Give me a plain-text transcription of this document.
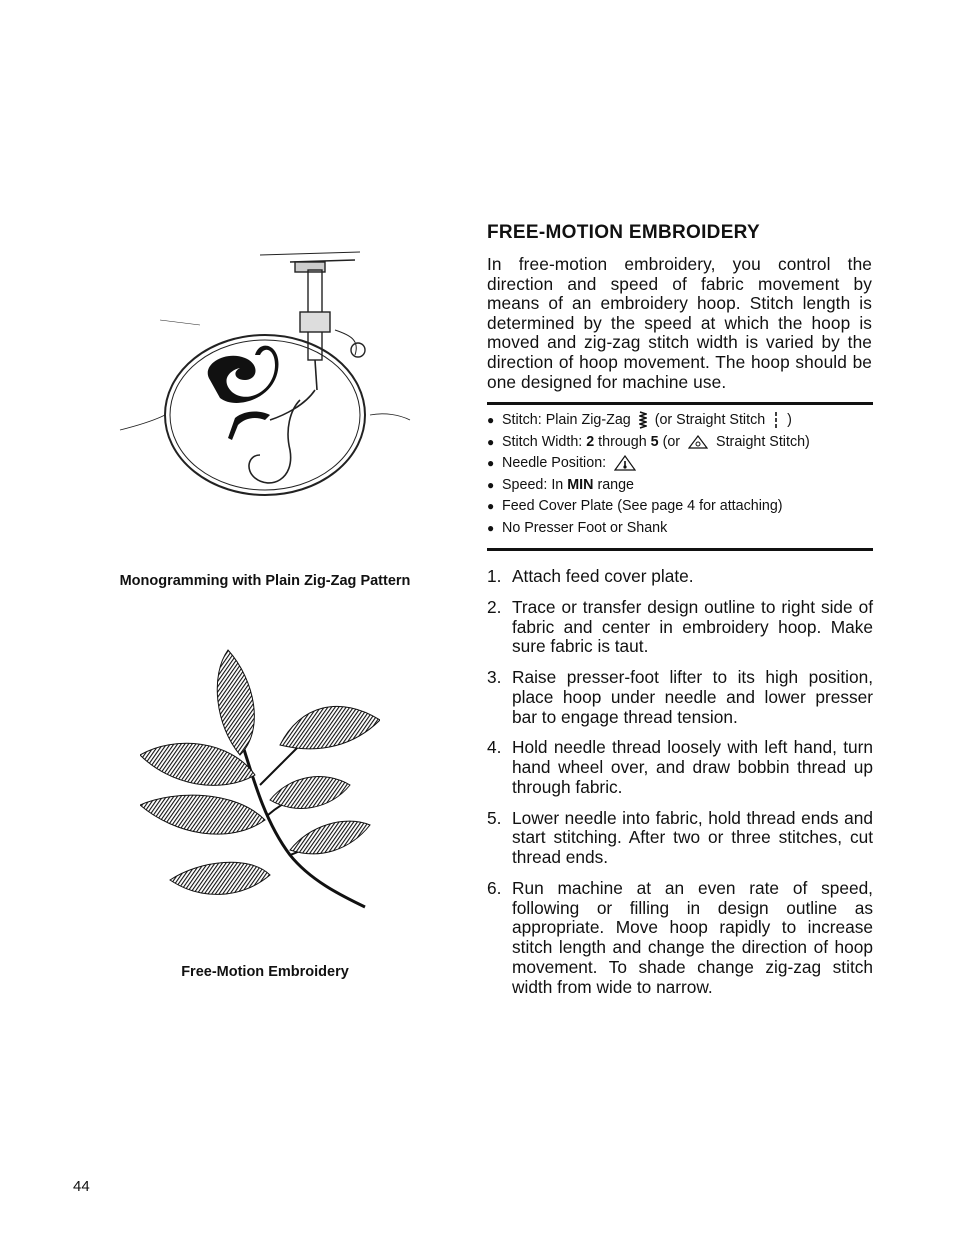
Monogramming with Plain Zig-Zag Pattern
Free-Motion Embroidery
FREE-MOTION EMBROIDERY

In free-motion embroidery, you control the direction and speed of fabric movement by means of an embroidery hoop. Stitch length is determined by the speed at which the hoop is moved and zig-zag stitch width is varied by the direction of hoop movement. The hoop should be one designed for machine use.

● Stitch: Plain Zig-Zag (or Straight Stitch )
● Stitch Width: 2 through 5 (or	Straight Stitch)
● Needle Position:
● Speed: In MIN range
● Feed Cover Plate (See page 4 for attaching)
● No Presser Foot or Shank
1. Attach feed cover plate.
2. Trace or transfer design outline to right side of fabric and center in embroidery hoop. Make sure fabric is taut.
3. Raise presser-foot lifter to its high position, place hoop under needle and lower presser bar to engage thread tension.
4. Hold needle thread loosely with left hand, turn hand wheel over, and draw bobbin thread up through fabric.
5. Lower needle into fabric, hold thread ends and start stitching. After two or three stitches, cut thread ends.
6. Run machine at an even rate of speed, following or filling in design outline as appropriate. Move hoop rapidly to increase stitch length and change the direction of hoop movement. To shade change zig-zag stitch width from wide to narrow.
44
